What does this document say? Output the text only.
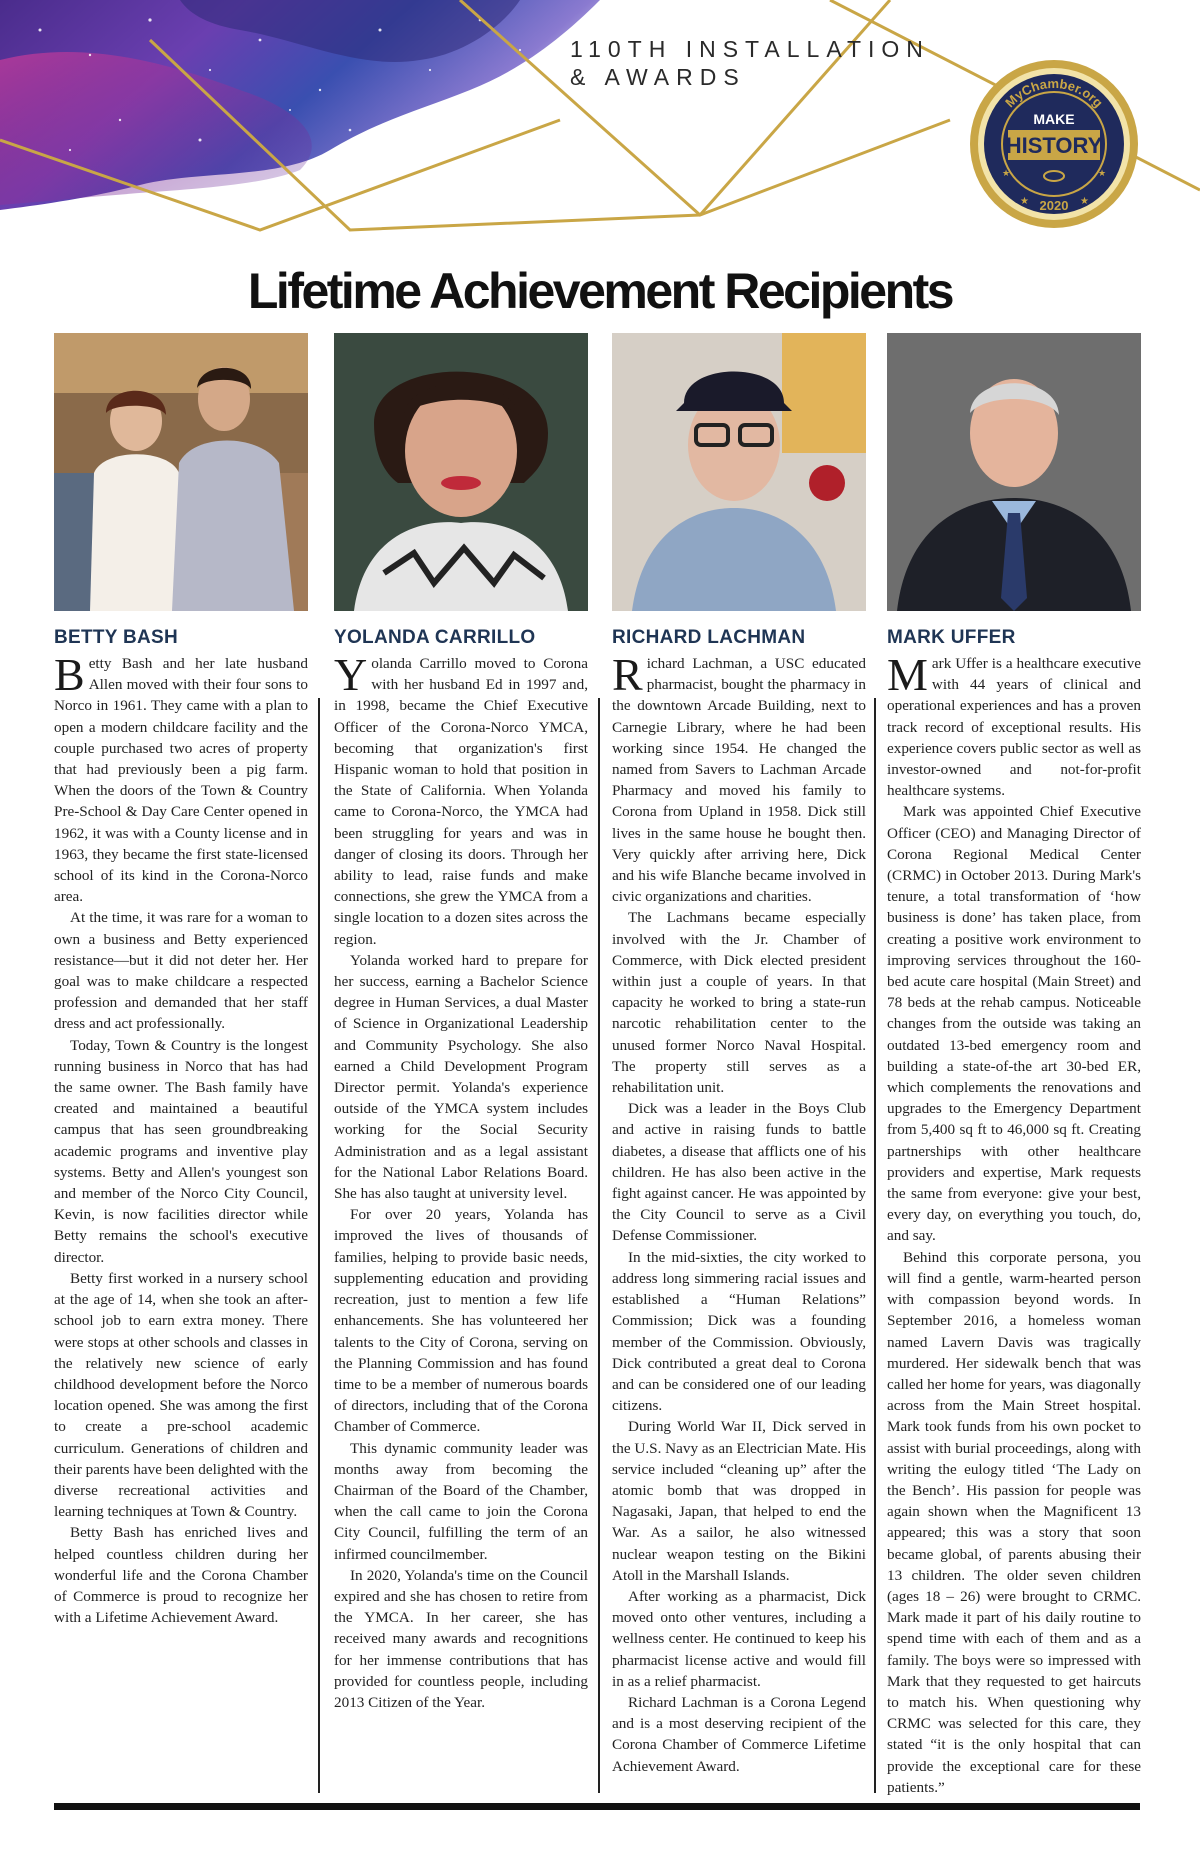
110TH INSTALLATION
& AWARDS
MyChamber.org
MAKE
HISTORY
2020
★	★
★	★
Lifetime Achievement Recipients
BETTY BASH

Betty Bash and her late husband Allen moved with their four sons to Norco in 1961. They came with a plan to open a modern childcare facility and the couple purchased two acres of property that had previously been a pig farm. When the doors of the Town & Country Pre-School & Day Care Center opened in 1962, it was with a County license and in 1963, they became the first state-licensed school of its kind in the Corona-Norco area.

At the time, it was rare for a woman to own a business and Betty experienced resistance—but it did not deter her. Her goal was to make childcare a respected profession and demanded that her staff dress and act professionally.

Today, Town & Country is the longest running business in Norco that has had the same owner. The Bash family have created and maintained a beautiful campus that has seen groundbreaking academic programs and inventive play systems. Betty and Allen's youngest son and member of the Norco City Council, Kevin, is now facilities director while Betty remains the school's executive director.

Betty first worked in a nursery school at the age of 14, when she took an after-school job to earn extra money. There were stops at other schools and classes in the relatively new science of early childhood development before the Norco location opened. She was among the first to create a pre-school academic curriculum. Generations of children and their parents have been delighted with the diverse recreational activities and learning techniques at Town & Country.

Betty Bash has enriched lives and helped countless children during her wonderful life and the Corona Chamber of Commerce is proud to recognize her with a Lifetime Achievement Award.

YOLANDA CARRILLO

Yolanda Carrillo moved to Corona with her husband Ed in 1997 and, in 1998, became the Chief Executive Officer of the Corona-Norco YMCA, becoming that organization's first Hispanic woman to hold that position in the State of California. When Yolanda came to Corona-Norco, the YMCA had been struggling for years and was in danger of closing its doors. Through her ability to lead, raise funds and make connections, she grew the YMCA from a single location to a dozen sites across the region.

Yolanda worked hard to prepare for her success, earning a Bachelor Science degree in Human Services, a dual Master of Science in Organizational Leadership and Community Psychology. She also earned a Child Development Program Director permit. Yolanda's experience outside of the YMCA system includes working for the Social Security Administration and as a legal assistant for the National Labor Relations Board. She has also taught at university level.

For over 20 years, Yolanda has improved the lives of thousands of families, helping to provide basic needs, supplementing education and providing recreation, just to mention a few life enhancements. She has volunteered her talents to the City of Corona, serving on the Planning Commission and has found time to be a member of numerous boards of directors, including that of the Corona Chamber of Commerce.

This dynamic community leader was months away from becoming the Chairman of the Board of the Chamber, when the call came to join the Corona City Council, fulfilling the term of an infirmed councilmember.

In 2020, Yolanda's time on the Council expired and she has chosen to retire from the YMCA. In her career, she has received many awards and recognitions for her immense contributions that has provided for countless people, including 2013 Citizen of the Year.

RICHARD LACHMAN

Richard Lachman, a USC educated pharmacist, bought the pharmacy in the downtown Arcade Building, next to Carnegie Library, where he had been working since 1954. He changed the named from Savers to Lachman Arcade Pharmacy and moved his family to Corona from Upland in 1958. Dick still lives in the same house he bought then. Very quickly after arriving here, Dick and his wife Blanche became involved in civic organizations and charities.

The Lachmans became especially involved with the Jr. Chamber of Commerce, with Dick elected president within just a couple of years. In that capacity he worked to bring a state-run narcotic rehabilitation center to the unused former Norco Naval Hospital. The property still serves as a rehabilitation unit.

Dick was a leader in the Boys Club and active in raising funds to battle diabetes, a disease that afflicts one of his children. He has also been active in the fight against cancer. He was appointed by the City Council to serve as a Civil Defense Commissioner.

In the mid-sixties, the city worked to address long simmering racial issues and established a “Human Relations” Commission; Dick was a founding member of the Commission. Obviously, Dick contributed a great deal to Corona and can be considered one of our leading citizens.

During World War II, Dick served in the U.S. Navy as an Electrician Mate. His service included “cleaning up” after the atomic bomb that was dropped in Nagasaki, Japan, that helped to end the War. As a sailor, he also witnessed nuclear weapon testing on the Bikini Atoll in the Marshall Islands.

After working as a pharmacist, Dick moved onto other ventures, including a wellness center. He continued to keep his pharmacist license active and would fill in as a relief pharmacist.

Richard Lachman is a Corona Legend and is a most deserving recipient of the Corona Chamber of Commerce Lifetime Achievement Award.

MARK UFFER

Mark Uffer is a healthcare executive with 44 years of clinical and operational experiences and has a proven track record of exceptional results. His experience covers public sector as well as investor-owned and not-for-profit healthcare systems.

Mark was appointed Chief Executive Officer (CEO) and Managing Director of Corona Regional Medical Center (CRMC) in October 2013. During Mark's tenure, a total transformation of ‘how business is done’ has taken place, from creating a positive work environment to improving services throughout the 160-bed acute care hospital (Main Street) and 78 beds at the rehab campus. Noticeable changes from the outside was taking an outdated 13-bed emergency room and building a state-of-the art 30-bed ER, which complements the renovations and upgrades to the Emergency Department from 5,400 sq ft to 46,000 sq ft. Creating partnerships with other healthcare providers and expertise, Mark requests the same from everyone: give your best, every day, on everything you touch, do, and say.

Behind this corporate persona, you will find a gentle, warm-hearted person with compassion beyond words. In September 2016, a homeless woman named Lavern Davis was tragically murdered. Her sidewalk bench that was called her home for years, was diagonally across from the Main Street hospital. Mark took funds from his own pocket to assist with burial proceedings, along with writing the eulogy titled ‘The Lady on the Bench’. His passion for people was again shown when the Magnificent 13 appeared; this was a story that soon became global, of parents abusing their 13 children. The older seven children (ages 18 – 26) were brought to CRMC. Mark made it part of his daily routine to spend time with each of them and as a family. The boys were so impressed with Mark that they requested to get haircuts to match his. When questioning why CRMC was selected for this care, they stated “it is the only hospital that can provide the exceptional care for these patients.”
